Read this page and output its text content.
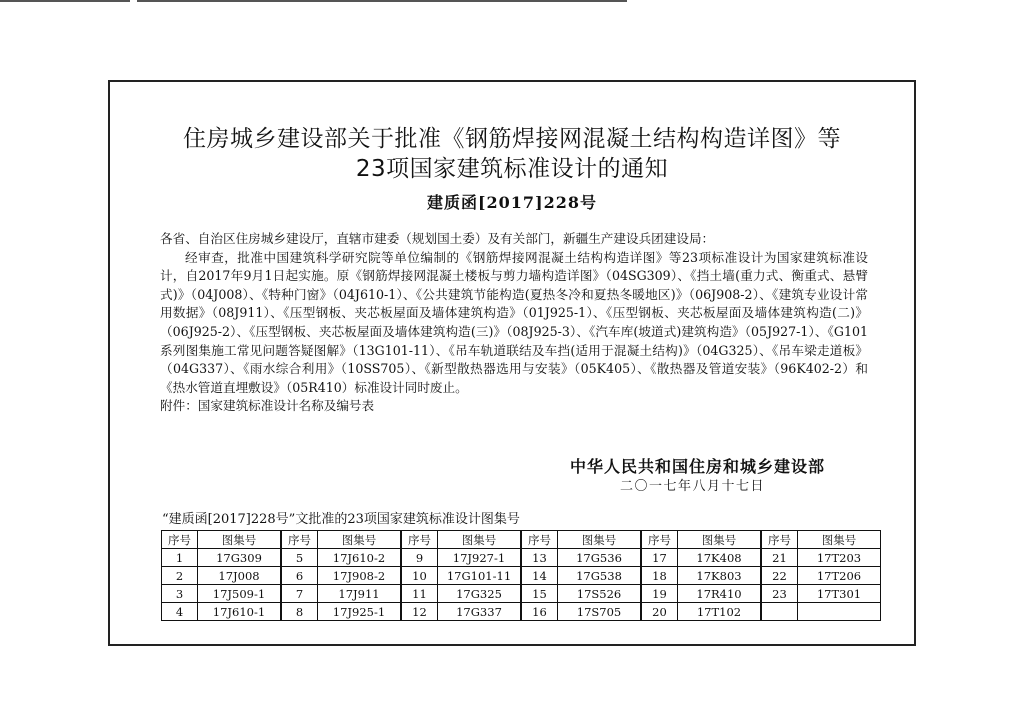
住房城乡建设部关于批准《钢筋焊接网混凝土结构构造详图》等
23项国家建筑标准设计的通知
建质函[2017]228号

各省、自治区住房城乡建设厅，直辖市建委（规划国土委）及有关部门，新疆生产建设兵团建设局：

经审查，批准中国建筑科学研究院等单位编制的《钢筋焊接网混凝土结构构造详图》等23项标准设计为国家建筑标准设计，自2017年9月1日起实施。原《钢筋焊接网混凝土楼板与剪力墙构造详图》（04SG309）、《挡土墙(重力式、衡重式、悬臂式)》（04J008）、《特种门窗》（04J610-1）、《公共建筑节能构造(夏热冬冷和夏热冬暖地区)》（06J908-2）、《建筑专业设计常用数据》（08J911）、《压型钢板、夹芯板屋面及墙体建筑构造》（01J925-1）、《压型钢板、夹芯板屋面及墙体建筑构造(二)》（06J925-2）、《压型钢板、夹芯板屋面及墙体建筑构造(三)》（08J925-3）、《汽车库(坡道式)建筑构造》（05J927-1）、《G101系列图集施工常见问题答疑图解》（13G101-11）、《吊车轨道联结及车挡(适用于混凝土结构)》（04G325）、《吊车梁走道板》（04G337）、《雨水综合利用》（10SS705）、《新型散热器选用与安装》（05K405）、《散热器及管道安装》（96K402-2）和《热水管道直埋敷设》（05R410）标准设计同时废止。

附件：国家建筑标准设计名称及编号表

中华人民共和国住房和城乡建设部
二〇一七年八月十七日
“建质函[2017]228号”文批准的23项国家建筑标准设计图集号
序号	图集号	序号	图集号	序号	图集号	序号	图集号	序号	图集号	序号	图集号
1	17G309	5	17J610-2	9	17J927-1	13	17G536	17	17K408	21	17T203
2	17J008	6	17J908-2	10	17G101-11	14	17G538	18	17K803	22	17T206
3	17J509-1	7	17J911	11	17G325	15	17S526	19	17R410	23	17T301
4	17J610-1	8	17J925-1	12	17G337	16	17S705	20	17T102		
